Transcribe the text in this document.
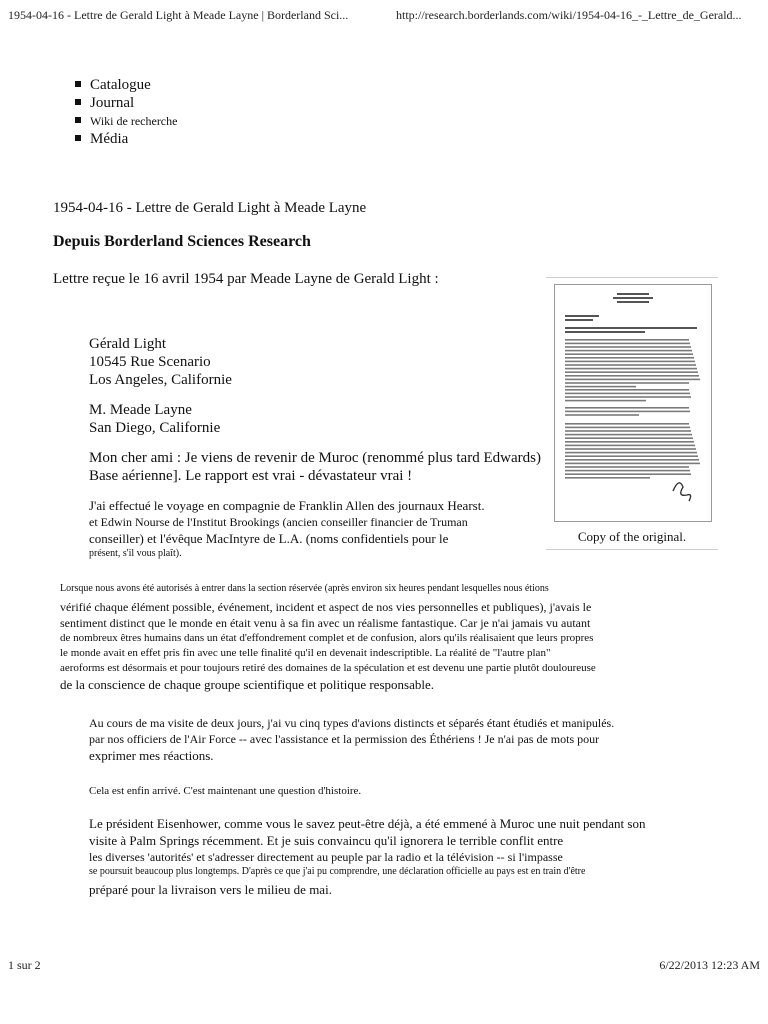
1954-04-16 - Lettre de Gerald Light à Meade Layne | Borderland Sci...	http://research.borderlands.com/wiki/1954-04-16_-_Lettre_de_Gerald...
Catalogue
Journal
Wiki de recherche
Média
1954-04-16 - Lettre de Gerald Light à Meade Layne
Depuis Borderland Sciences Research
Lettre reçue le 16 avril 1954 par Meade Layne de Gerald Light :
Copy of the original.
Gérald Light
10545 Rue Scenario
Los Angeles, Californie
M. Meade Layne
San Diego, Californie
Mon cher ami : Je viens de revenir de Muroc (renommé plus tard Edwards)
Base aérienne]. Le rapport est vrai - dévastateur vrai !
J'ai effectué le voyage en compagnie de Franklin Allen des journaux Hearst.
et Edwin Nourse de l'Institut Brookings (ancien conseiller financier de Truman
conseiller) et l'évêque MacIntyre de L.A. (noms confidentiels pour le
présent, s'il vous plaît).
Lorsque nous avons été autorisés à entrer dans la section réservée (après environ six heures pendant lesquelles nous étions
vérifié chaque élément possible, événement, incident et aspect de nos vies personnelles et publiques), j'avais le
sentiment distinct que le monde en était venu à sa fin avec un réalisme fantastique. Car je n'ai jamais vu autant
de nombreux êtres humains dans un état d'effondrement complet et de confusion, alors qu'ils réalisaient que leurs propres
le monde avait en effet pris fin avec une telle finalité qu'il en devenait indescriptible. La réalité de "l'autre plan"
aeroforms est désormais et pour toujours retiré des domaines de la spéculation et est devenu une partie plutôt douloureuse
de la conscience de chaque groupe scientifique et politique responsable.
Au cours de ma visite de deux jours, j'ai vu cinq types d'avions distincts et séparés étant étudiés et manipulés.
par nos officiers de l'Air Force -- avec l'assistance et la permission des Éthériens ! Je n'ai pas de mots pour
exprimer mes réactions.
Cela est enfin arrivé. C'est maintenant une question d'histoire.
Le président Eisenhower, comme vous le savez peut-être déjà, a été emmené à Muroc une nuit pendant son
visite à Palm Springs récemment. Et je suis convaincu qu'il ignorera le terrible conflit entre
les diverses 'autorités' et s'adresser directement au peuple par la radio et la télévision -- si l'impasse
se poursuit beaucoup plus longtemps. D'après ce que j'ai pu comprendre, une déclaration officielle au pays est en train d'être
préparé pour la livraison vers le milieu de mai.
1 sur 2	6/22/2013 12:23 AM
